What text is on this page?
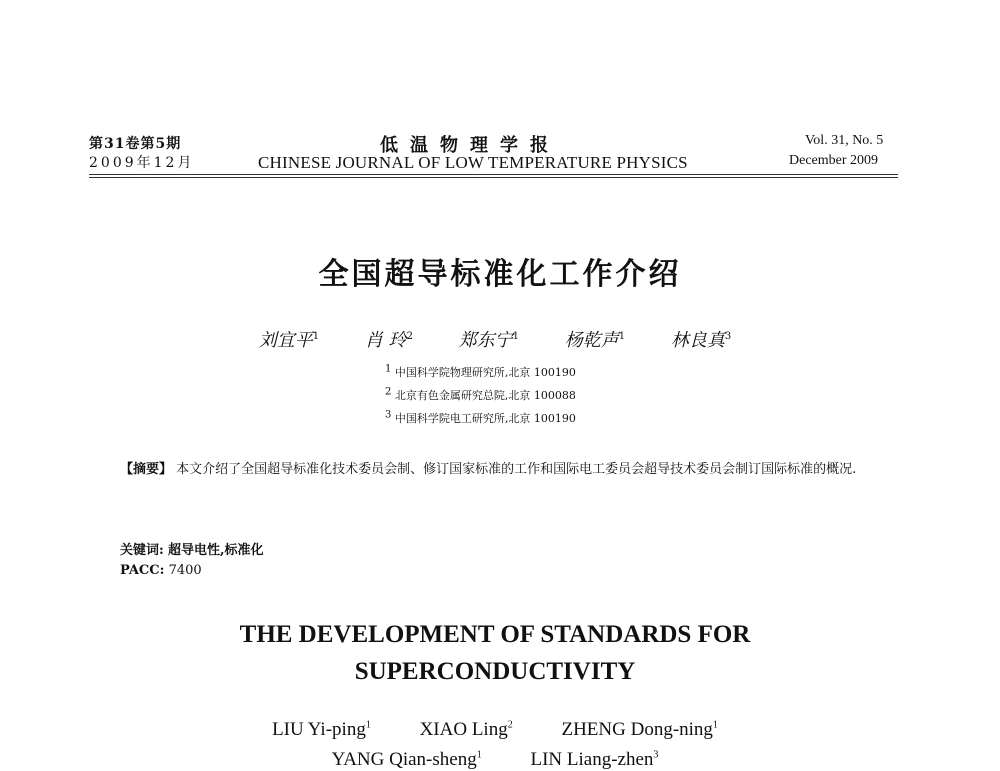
第31卷第5期
2009年12月
低温物理学报
CHINESE JOURNAL OF LOW TEMPERATURE PHYSICS
Vol. 31, No. 5
December 2009
全国超导标准化工作介绍
刘宜平$^1$	肖 玲$^2$	郑东宁$^1$	杨乾声$^1$	林良真$^3$
$^1$ 中国科学院物理研究所,北京 100190
$^2$ 北京有色金属研究总院,北京 100088
$^3$ 中国科学院电工研究所,北京 100190
【摘要】 本文介绍了全国超导标准化技术委员会制、修订国家标准的工作和国际电工委员会超导技术委员会制订国际标准的概况.
关键词: 超导电性,标准化
PACC: 7400
THE DEVELOPMENT OF STANDARDS FOR
SUPERCONDUCTIVITY
LIU Yi-ping$^1$	XIAO Ling$^2$	ZHENG Dong-ning$^1$
YANG Qian-sheng$^1$	LIN Liang-zhen$^3$
